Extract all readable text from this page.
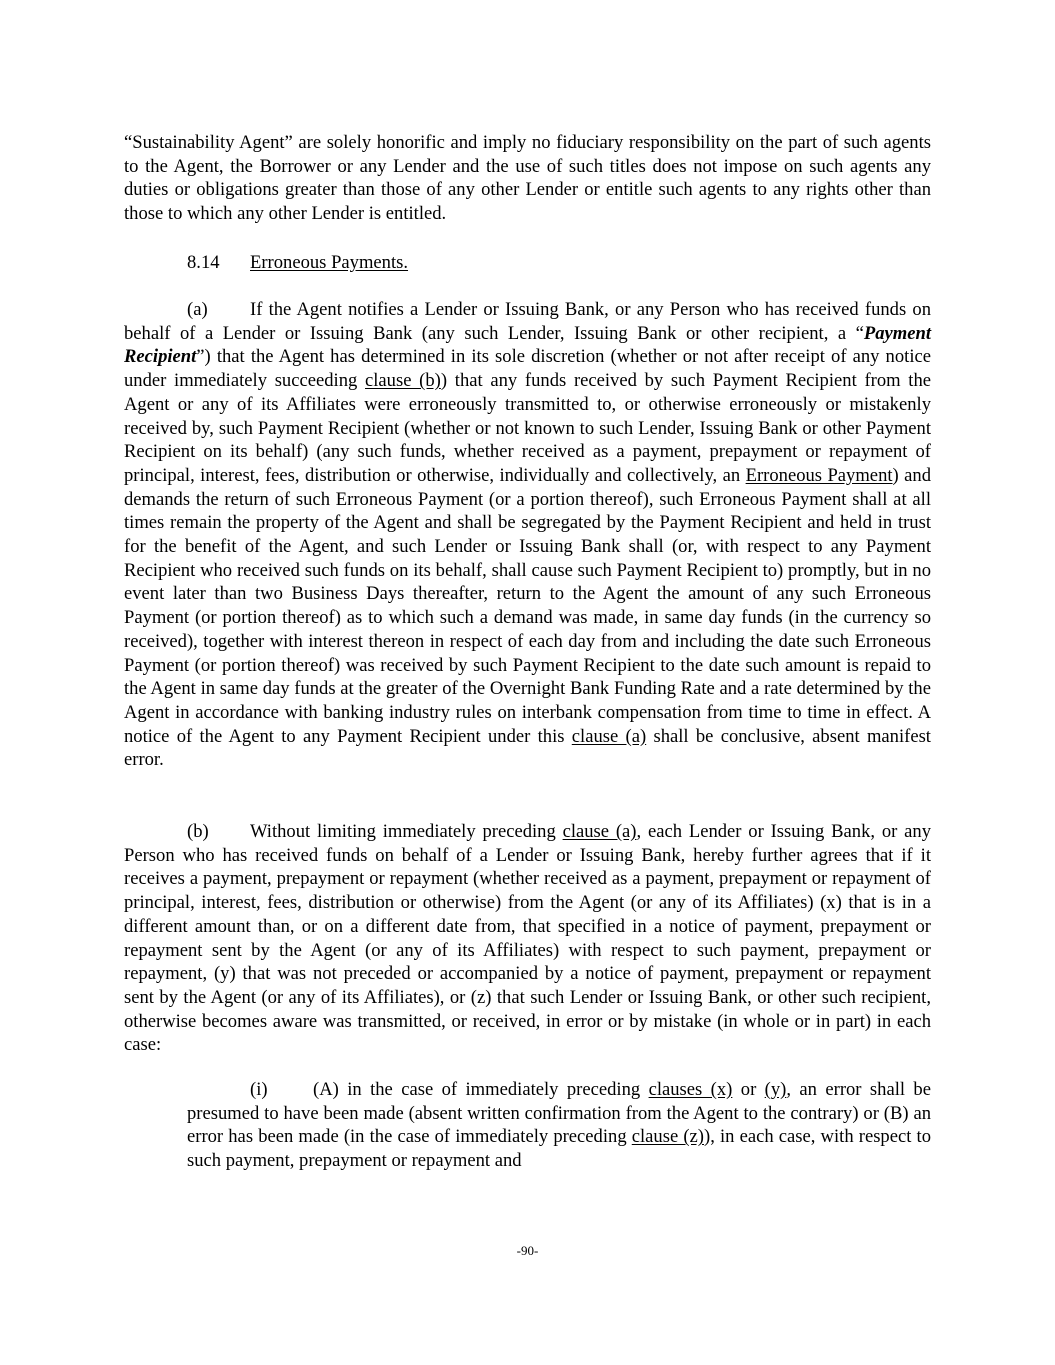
“Sustainability Agent” are solely honorific and imply no fiduciary responsibility on the part of such agents to the Agent, the Borrower or any Lender and the use of such titles does not impose on such agents any duties or obligations greater than those of any other Lender or entitle such agents to any rights other than those to which any other Lender is entitled.

8.14 Erroneous Payments.

(a) If the Agent notifies a Lender or Issuing Bank, or any Person who has received funds on behalf of a Lender or Issuing Bank (any such Lender, Issuing Bank or other recipient, a “Payment Recipient”) that the Agent has determined in its sole discretion (whether or not after receipt of any notice under immediately succeeding clause (b)) that any funds received by such Payment Recipient from the Agent or any of its Affiliates were erroneously transmitted to, or otherwise erroneously or mistakenly received by, such Payment Recipient (whether or not known to such Lender, Issuing Bank or other Payment Recipient on its behalf) (any such funds, whether received as a payment, prepayment or repayment of principal, interest, fees, distribution or otherwise, individually and collectively, an Erroneous Payment) and demands the return of such Erroneous Payment (or a portion thereof), such Erroneous Payment shall at all times remain the property of the Agent and shall be segregated by the Payment Recipient and held in trust for the benefit of the Agent, and such Lender or Issuing Bank shall (or, with respect to any Payment Recipient who received such funds on its behalf, shall cause such Payment Recipient to) promptly, but in no event later than two Business Days thereafter, return to the Agent the amount of any such Erroneous Payment (or portion thereof) as to which such a demand was made, in same day funds (in the currency so received), together with interest thereon in respect of each day from and including the date such Erroneous Payment (or portion thereof) was received by such Payment Recipient to the date such amount is repaid to the Agent in same day funds at the greater of the Overnight Bank Funding Rate and a rate determined by the Agent in accordance with banking industry rules on interbank compensation from time to time in effect. A notice of the Agent to any Payment Recipient under this clause (a) shall be conclusive, absent manifest error.

(b) Without limiting immediately preceding clause (a), each Lender or Issuing Bank, or any Person who has received funds on behalf of a Lender or Issuing Bank, hereby further agrees that if it receives a payment, prepayment or repayment (whether received as a payment, prepayment or repayment of principal, interest, fees, distribution or otherwise) from the Agent (or any of its Affiliates) (x) that is in a different amount than, or on a different date from, that specified in a notice of payment, prepayment or repayment sent by the Agent (or any of its Affiliates) with respect to such payment, prepayment or repayment, (y) that was not preceded or accompanied by a notice of payment, prepayment or repayment sent by the Agent (or any of its Affiliates), or (z) that such Lender or Issuing Bank, or other such recipient, otherwise becomes aware was transmitted, or received, in error or by mistake (in whole or in part) in each case:

(i) (A) in the case of immediately preceding clauses (x) or (y), an error shall be presumed to have been made (absent written confirmation from the Agent to the contrary) or (B) an error has been made (in the case of immediately preceding clause (z)), in each case, with respect to such payment, prepayment or repayment and

-90-
